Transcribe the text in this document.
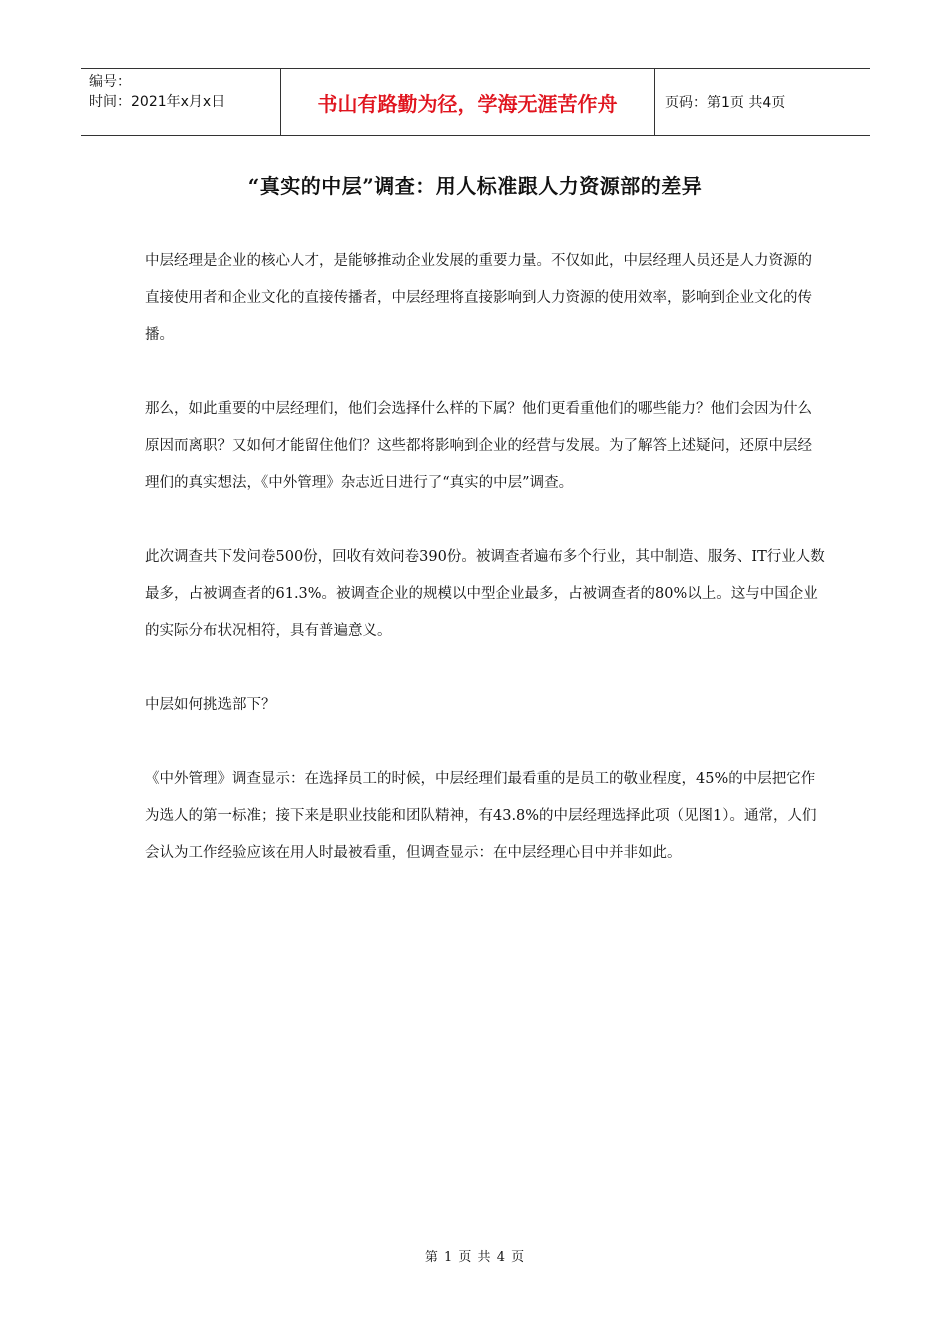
编号：
时间：2021年x月x日	书山有路勤为径，学海无涯苦作舟	页码：第1页 共4页
“真实的中层”调查：用人标准跟人力资源部的差异

中层经理是企业的核心人才，是能够推动企业发展的重要力量。不仅如此，中层经理人员还是人力资源的直接使用者和企业文化的直接传播者，中层经理将直接影响到人力资源的使用效率，影响到企业文化的传播。

那么，如此重要的中层经理们，他们会选择什么样的下属？他们更看重他们的哪些能力？他们会因为什么原因而离职？又如何才能留住他们？这些都将影响到企业的经营与发展。为了解答上述疑问，还原中层经理们的真实想法，《中外管理》杂志近日进行了“真实的中层”调查。

此次调查共下发问卷500份，回收有效问卷390份。被调查者遍布多个行业，其中制造、服务、IT行业人数最多，占被调查者的61.3%。被调查企业的规模以中型企业最多，占被调查者的80%以上。这与中国企业的实际分布状况相符，具有普遍意义。

中层如何挑选部下？

《中外管理》调查显示：在选择员工的时候，中层经理们最看重的是员工的敬业程度，45%的中层把它作为选人的第一标准；接下来是职业技能和团队精神，有43.8%的中层经理选择此项（见图1）。通常，人们会认为工作经验应该在用人时最被看重，但调查显示：在中层经理心目中并非如此。

第 1 页 共 4 页
